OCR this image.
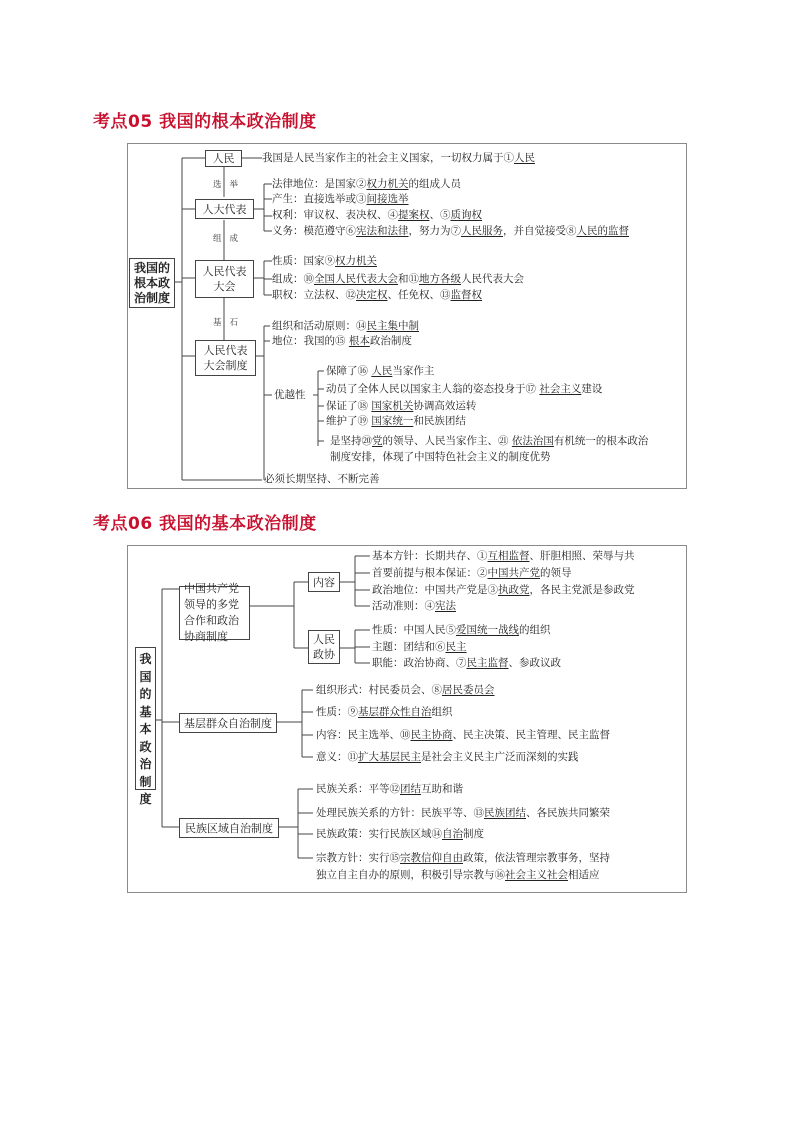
考点05 我国的根本政治制度
我国的根本政治制度
人民	我国是人民当家作主的社会主义国家，一切权力属于①人民
选举
人大代表
法律地位：是国家②权力机关的组成人员
产生：直接选举或③间接选举
权利：审议权、表决权、④提案权、⑤质询权
义务：模范遵守⑥宪法和法律，努力为⑦人民服务，并自觉接受⑧人民的监督
组成
人民代表大会
性质：国家⑨权力机关
组成：⑩全国人民代表大会和⑪地方各级人民代表大会
职权：立法权、⑫决定权、任免权、⑬监督权
基石
人民代表大会制度
组织和活动原则：⑭民主集中制
地位：我国的⑮ 根本政治制度
优越性
保障了⑯ 人民当家作主
动员了全体人民以国家主人翁的姿态投身于⑰ 社会主义建设
保证了⑱ 国家机关协调高效运转
维护了⑲ 国家统一和民族团结
是坚持⑳党的领导、人民当家作主、㉑ 依法治国有机统一的根本政治
制度安排，体现了中国特色社会主义的制度优势
必须长期坚持、不断完善
考点06 我国的基本政治制度
我国的基本政治制度
中国共产党领导的多党合作和政治协商制度
内容
基本方针：长期共存、①互相监督、肝胆相照、荣辱与共
首要前提与根本保证：②中国共产党的领导
政治地位：中国共产党是③执政党，各民主党派是参政党
活动准则：④宪法
人民政协
性质：中国人民⑤爱国统一战线的组织
主题：团结和⑥民主
职能：政治协商、⑦民主监督、参政议政
基层群众自治制度
组织形式：村民委员会、⑧居民委员会
性质：⑨基层群众性自治组织
内容：民主选举、⑩民主协商、民主决策、民主管理、民主监督
意义：⑪扩大基层民主是社会主义民主广泛而深刻的实践
民族区域自治制度
民族关系：平等⑫团结互助和谐
处理民族关系的方针：民族平等、⑬民族团结、各民族共同繁荣
民族政策：实行民族区域⑭自治制度
宗教方针：实行⑮宗教信仰自由政策，依法管理宗教事务，坚持
独立自主自办的原则，积极引导宗教与⑯社会主义社会相适应
